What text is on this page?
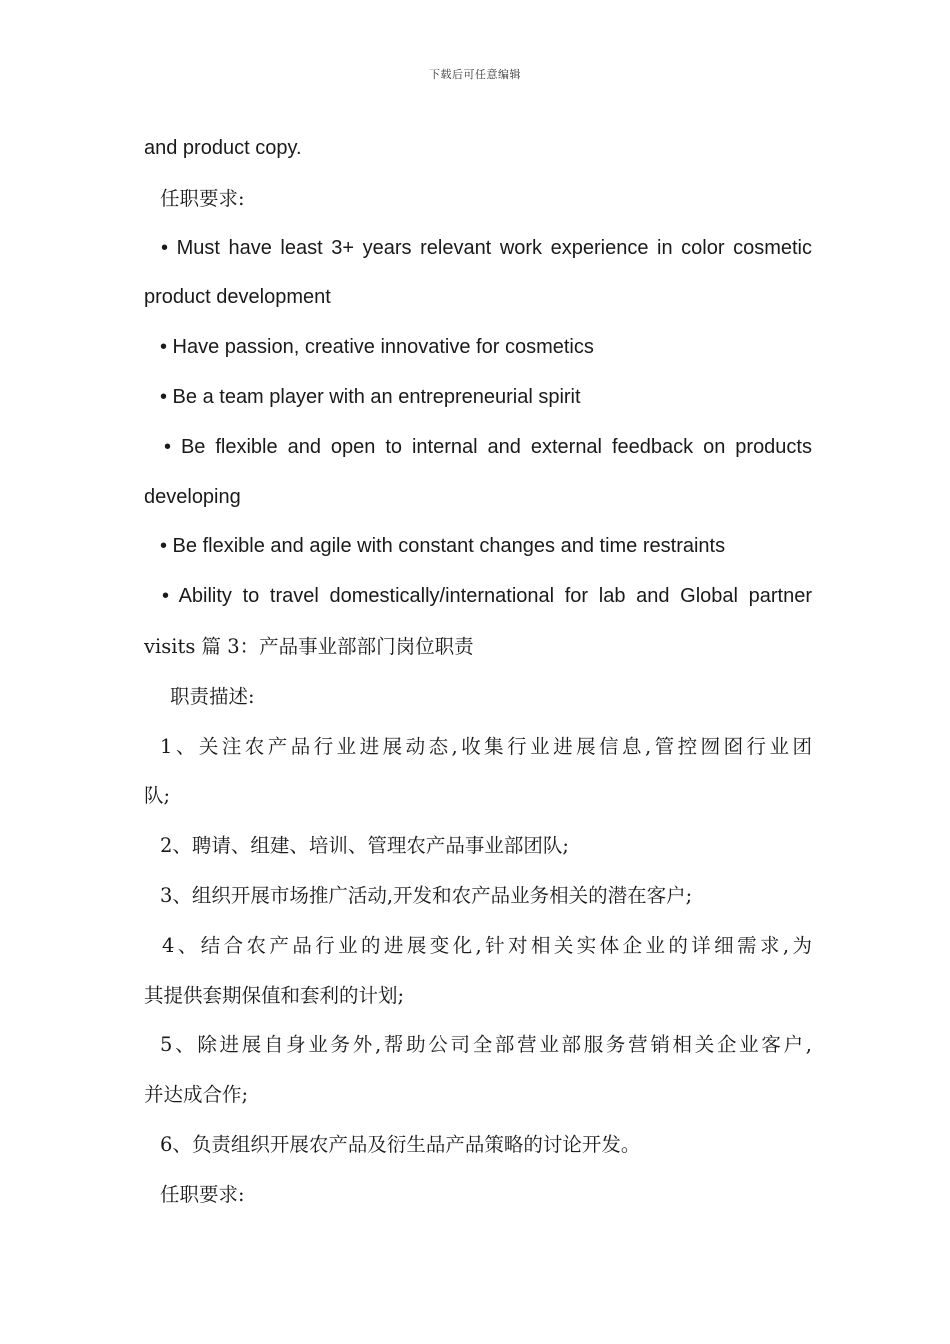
下载后可任意编辑
and product copy.
任职要求:
• Must have least 3+ years relevant work experience in color cosmetic
product development
• Have passion, creative innovative for cosmetics
• Be a team player with an entrepreneurial spirit
• Be flexible and open to internal and external feedback on products
developing
• Be flexible and agile with constant changes and time restraints
• Ability to travel domestically/international for lab and Global partner
visits 篇 3：产品事业部部门岗位职责
职责描述:
1、关注农产品行业进展动态,收集行业进展信息,管控囫囵行业团
队;
2、聘请、组建、培训、管理农产品事业部团队;
3、组织开展市场推广活动,开发和农产品业务相关的潜在客户;
4、结合农产品行业的进展变化,针对相关实体企业的详细需求,为
其提供套期保值和套利的计划;
5、除进展自身业务外,帮助公司全部营业部服务营销相关企业客户,
并达成合作;
6、负责组织开展农产品及衍生品产品策略的讨论开发。
任职要求:
